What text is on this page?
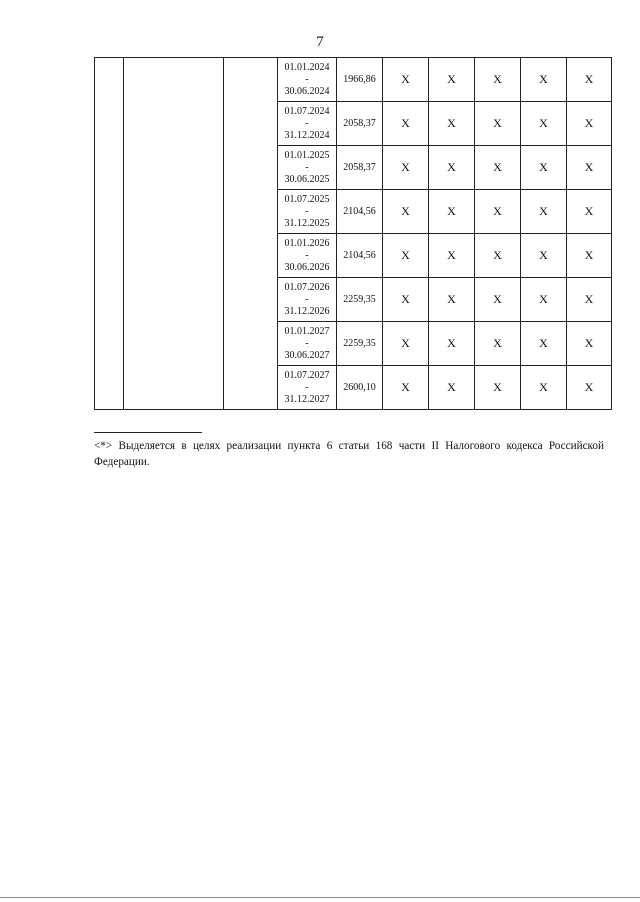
7

			01.01.2024
-
30.06.2024	1966,86	X	X	X	X	X

			01.07.2024
-
31.12.2024	2058,37	X	X	X	X	X

			01.01.2025
-
30.06.2025	2058,37	X	X	X	X	X

			01.07.2025
-
31.12.2025	2104,56	X	X	X	X	X

			01.01.2026
-
30.06.2026	2104,56	X	X	X	X	X

			01.07.2026
-
31.12.2026	2259,35	X	X	X	X	X

			01.01.2027
-
30.06.2027	2259,35	X	X	X	X	X

			01.07.2027
-
31.12.2027	2600,10	X	X	X	X	X
<*> Выделяется в целях реализации пункта 6 статьи 168 части II Налогового кодекса Российской Федерации.
